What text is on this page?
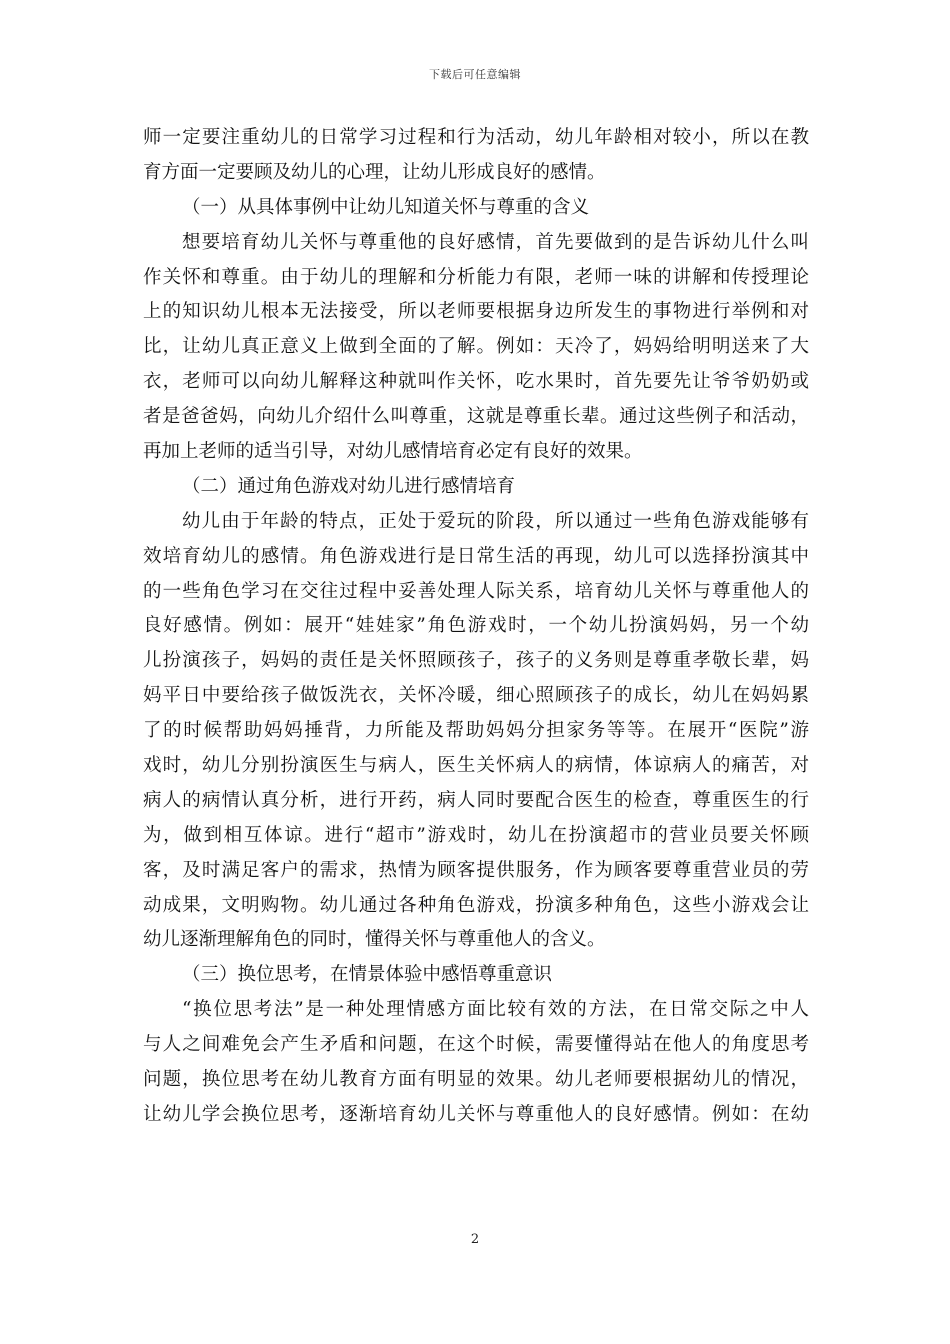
下载后可任意编辑
师一定要注重幼儿的日常学习过程和行为活动，幼儿年龄相对较小，所以在教
育方面一定要顾及幼儿的心理，让幼儿形成良好的感情。
（一）从具体事例中让幼儿知道关怀与尊重的含义
想要培育幼儿关怀与尊重他的良好感情，首先要做到的是告诉幼儿什么叫
作关怀和尊重。由于幼儿的理解和分析能力有限，老师一味的讲解和传授理论
上的知识幼儿根本无法接受，所以老师要根据身边所发生的事物进行举例和对
比，让幼儿真正意义上做到全面的了解。例如：天冷了，妈妈给明明送来了大
衣，老师可以向幼儿解释这种就叫作关怀，吃水果时，首先要先让爷爷奶奶或
者是爸爸妈，向幼儿介绍什么叫尊重，这就是尊重长辈。通过这些例子和活动，
再加上老师的适当引导，对幼儿感情培育必定有良好的效果。
（二）通过角色游戏对幼儿进行感情培育
幼儿由于年龄的特点，正处于爱玩的阶段，所以通过一些角色游戏能够有
效培育幼儿的感情。角色游戏进行是日常生活的再现，幼儿可以选择扮演其中
的一些角色学习在交往过程中妥善处理人际关系，培育幼儿关怀与尊重他人的
良好感情。例如：展开“娃娃家”角色游戏时，一个幼儿扮演妈妈，另一个幼
儿扮演孩子，妈妈的责任是关怀照顾孩子，孩子的义务则是尊重孝敬长辈，妈
妈平日中要给孩子做饭洗衣，关怀冷暖，细心照顾孩子的成长，幼儿在妈妈累
了的时候帮助妈妈捶背，力所能及帮助妈妈分担家务等等。在展开“医院”游
戏时，幼儿分别扮演医生与病人，医生关怀病人的病情，体谅病人的痛苦，对
病人的病情认真分析，进行开药，病人同时要配合医生的检查，尊重医生的行
为，做到相互体谅。进行“超市”游戏时，幼儿在扮演超市的营业员要关怀顾
客，及时满足客户的需求，热情为顾客提供服务，作为顾客要尊重营业员的劳
动成果，文明购物。幼儿通过各种角色游戏，扮演多种角色，这些小游戏会让
幼儿逐渐理解角色的同时，懂得关怀与尊重他人的含义。
（三）换位思考，在情景体验中感悟尊重意识
“换位思考法”是一种处理情感方面比较有效的方法，在日常交际之中人
与人之间难免会产生矛盾和问题，在这个时候，需要懂得站在他人的角度思考
问题，换位思考在幼儿教育方面有明显的效果。幼儿老师要根据幼儿的情况，
让幼儿学会换位思考，逐渐培育幼儿关怀与尊重他人的良好感情。例如：在幼
2
